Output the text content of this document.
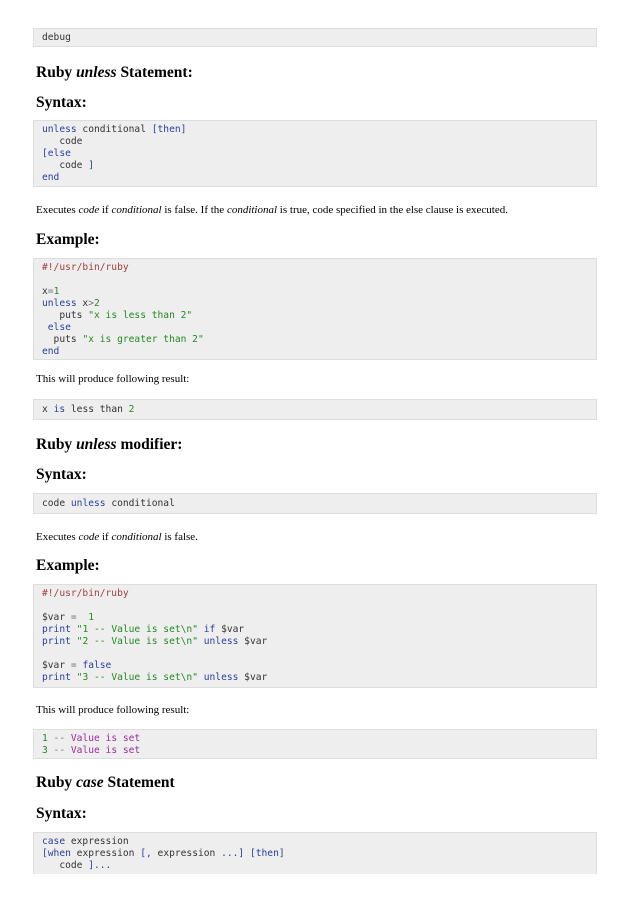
debug
Ruby unless Statement:
Syntax:
unless conditional [then]
code
[else
code ]
end
Executes code if conditional is false. If the conditional is true, code specified in the else clause is executed.
Example:
#!/usr/bin/ruby
x=1
unless x>2
puts "x is less than 2"
else
puts "x is greater than 2"
end
This will produce following result:
x is less than 2
Ruby unless modifier:
Syntax:
code unless conditional
Executes code if conditional is false.
Example:
#!/usr/bin/ruby
$var = 1
print "1 -- Value is set\n" if $var
print "2 -- Value is set\n" unless $var
$var = false
print "3 -- Value is set\n" unless $var
This will produce following result:
1 -- Value is set
3 -- Value is set
Ruby case Statement
Syntax:
case expression
[when expression [, expression ...] [then]
code ]...
